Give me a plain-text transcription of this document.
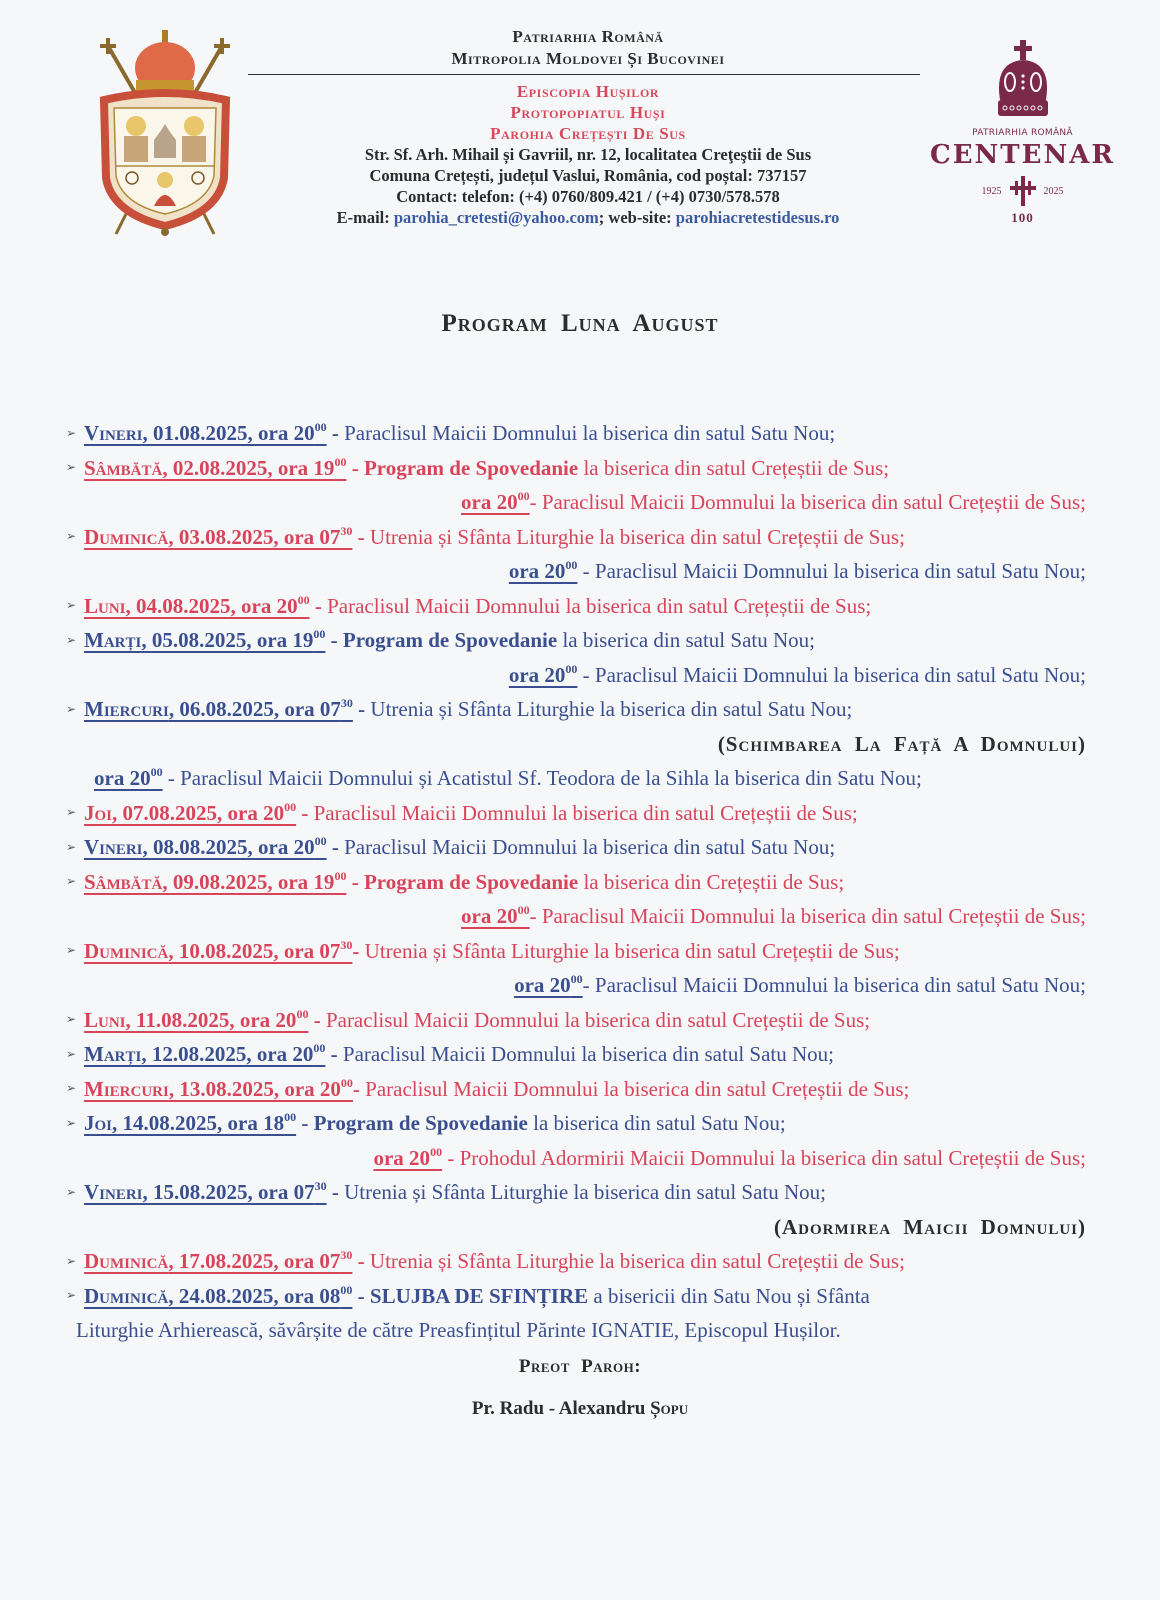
Patriarhia Română
Mitropolia Moldovei Și Bucovinei
Episcopia Hușilor
Protopopiatul Huși
Parohia Crețești De Sus
Str. Sf. Arh. Mihail și Gavriil, nr. 12, localitatea Creţeştii de Sus
Comuna Crețești, județul Vaslui, România, cod poștal: 737157
Contact: telefon: (+4) 0760/809.421 / (+4) 0730/578.578
E-mail: parohia_cretesti@yahoo.com; web-site: parohiacretestidesus.ro
PATRIARHIA ROMÂNĂ
CENTENAR
1925	2025
100
Program Luna August
➢ Vineri, 01.08.2025, ora $20^{00}$ - Paraclisul Maicii Domnului la biserica din satul Satu Nou;
➢ Sâmbătă, 02.08.2025, ora $19^{00}$ - Program de Spovedanie la biserica din satul Crețeștii de Sus;
ora $20^{00}-$ Paraclisul Maicii Domnului la biserica din satul Crețeștii de Sus;
➢ Duminică, 03.08.2025, ora $07^{30}$ - Utrenia și Sfânta Liturghie la biserica din satul Crețeștii de Sus;
ora $20^{00}$ - Paraclisul Maicii Domnului la biserica din satul Satu Nou;
➢ Luni, 04.08.2025, ora $20^{00}$ - Paraclisul Maicii Domnului la biserica din satul Crețeștii de Sus;
➢ Marți, 05.08.2025, ora $19^{00}$ - Program de Spovedanie la biserica din satul Satu Nou;
ora $20^{00}$ - Paraclisul Maicii Domnului la biserica din satul Satu Nou;
➢ Miercuri, 06.08.2025, ora $07^{30}$ - Utrenia și Sfânta Liturghie la biserica din satul Satu Nou;
(Schimbarea La Față A Domnului)
ora $20^{00}$ - Paraclisul Maicii Domnului și Acatistul Sf. Teodora de la Sihla la biserica din Satu Nou;
➢ Joi, 07.08.2025, ora $20^{00}$ - Paraclisul Maicii Domnului la biserica din satul Crețeștii de Sus;
➢ Vineri, 08.08.2025, ora $20^{00}$ - Paraclisul Maicii Domnului la biserica din satul Satu Nou;
➢ Sâmbătă, 09.08.2025, ora $19^{00}$ - Program de Spovedanie la biserica din Crețeștii de Sus;
ora $20^{00}-$ Paraclisul Maicii Domnului la biserica din satul Crețeștii de Sus;
➢ Duminică, 10.08.2025, ora $07^{30}-$ Utrenia și Sfânta Liturghie la biserica din satul Crețeștii de Sus;
ora $20^{00}-$ Paraclisul Maicii Domnului la biserica din satul Satu Nou;
➢ Luni, 11.08.2025, ora $20^{00}$ - Paraclisul Maicii Domnului la biserica din satul Crețeștii de Sus;
➢ Marți, 12.08.2025, ora $20^{00}$ - Paraclisul Maicii Domnului la biserica din satul Satu Nou;
➢ Miercuri, 13.08.2025, ora $20^{00}-$ Paraclisul Maicii Domnului la biserica din satul Crețeștii de Sus;
➢ Joi, 14.08.2025, ora $18^{00}$ - Program de Spovedanie la biserica din satul Satu Nou;
ora $20^{00}$ - Prohodul Adormirii Maicii Domnului la biserica din satul Crețeștii de Sus;
➢ Vineri, 15.08.2025, ora $07^{30}$ - Utrenia și Sfânta Liturghie la biserica din satul Satu Nou;
(Adormirea Maicii Domnului)
➢ Duminică, 17.08.2025, ora $07^{30}$ - Utrenia și Sfânta Liturghie la biserica din satul Crețeștii de Sus;
➢ Duminică, 24.08.2025, ora $08^{00}$ - SLUJBA DE SFINȚIRE a bisericii din Satu Nou și Sfânta
Liturghie Arhierească, săvârșite de către Preasfințitul Părinte IGNATIE, Episcopul Hușilor.
Preot Paroh:
Pr. Radu - Alexandru Șopu
